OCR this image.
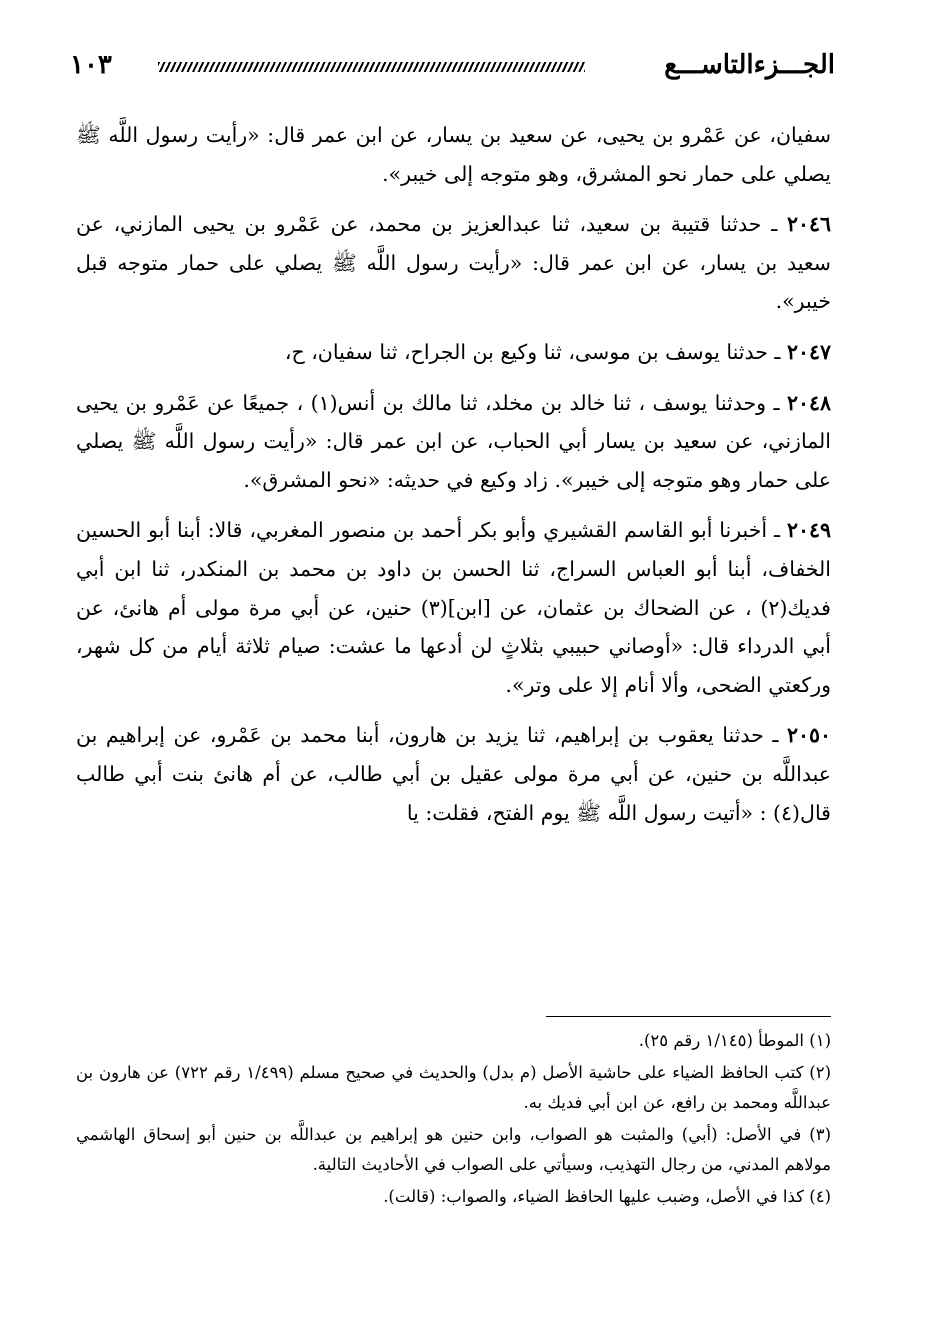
الجـــزءالتاســـع
١٠٣

سفيان، عن عَمْرو بن يحيى، عن سعيد بن يسار، عن ابن عمر قال: «رأيت رسول اللَّه ﷺ يصلي على حمار نحو المشرق، وهو متوجه إلى خيبر».

٢٠٤٦ ـ حدثنا قتيبة بن سعيد، ثنا عبدالعزيز بن محمد، عن عَمْرو بن يحيى المازني، عن سعيد بن يسار، عن ابن عمر قال: «رأيت رسول اللَّه ﷺ يصلي على حمار متوجه قبل خيبر».

٢٠٤٧ ـ حدثنا يوسف بن موسى، ثنا وكيع بن الجراح، ثنا سفيان، ح،

٢٠٤٨ ـ وحدثنا يوسف ، ثنا خالد بن مخلد، ثنا مالك بن أنس(١) ، جميعًا عن عَمْرو بن يحيى المازني، عن سعيد بن يسار أبي الحباب، عن ابن عمر قال: «رأيت رسول اللَّه ﷺ يصلي على حمار وهو متوجه إلى خيبر». زاد وكيع في حديثه: «نحو المشرق».

٢٠٤٩ ـ أخبرنا أبو القاسم القشيري وأبو بكر أحمد بن منصور المغربي، قالا: أبنا أبو الحسين الخفاف، أبنا أبو العباس السراج، ثنا الحسن بن داود بن محمد بن المنكدر، ثنا ابن أبي فديك(٢) ، عن الضحاك بن عثمان، عن [ابن](٣) حنين، عن أبي مرة مولى أم هانئ، عن أبي الدرداء قال: «أوصاني حبيبي بثلاثٍ لن أدعها ما عشت: صيام ثلاثة أيام من كل شهر، وركعتي الضحى، وألا أنام إلا على وتر».

٢٠٥٠ ـ حدثنا يعقوب بن إبراهيم، ثنا يزيد بن هارون، أبنا محمد بن عَمْرو، عن إبراهيم بن عبداللَّه بن حنين، عن أبي مرة مولى عقيل بن أبي طالب، عن أم هانئ بنت أبي طالب قال(٤) : «أتيت رسول اللَّه ﷺ يوم الفتح، فقلت: يا

(١) الموطأ (١/١٤٥ رقم ٢٥).

(٢) كتب الحافظ الضياء على حاشية الأصل (م بدل) والحديث في صحيح مسلم (١/٤٩٩ رقم ٧٢٢) عن هارون بن عبداللَّه ومحمد بن رافع، عن ابن أبي فديك به.

(٣) في الأصل: (أبي) والمثبت هو الصواب، وابن حنين هو إبراهيم بن عبداللَّه بن حنين أبو إسحاق الهاشمي مولاهم المدني، من رجال التهذيب، وسيأتي على الصواب في الأحاديث التالية.

(٤) كذا في الأصل، وضبب عليها الحافظ الضياء، والصواب: (قالت).
